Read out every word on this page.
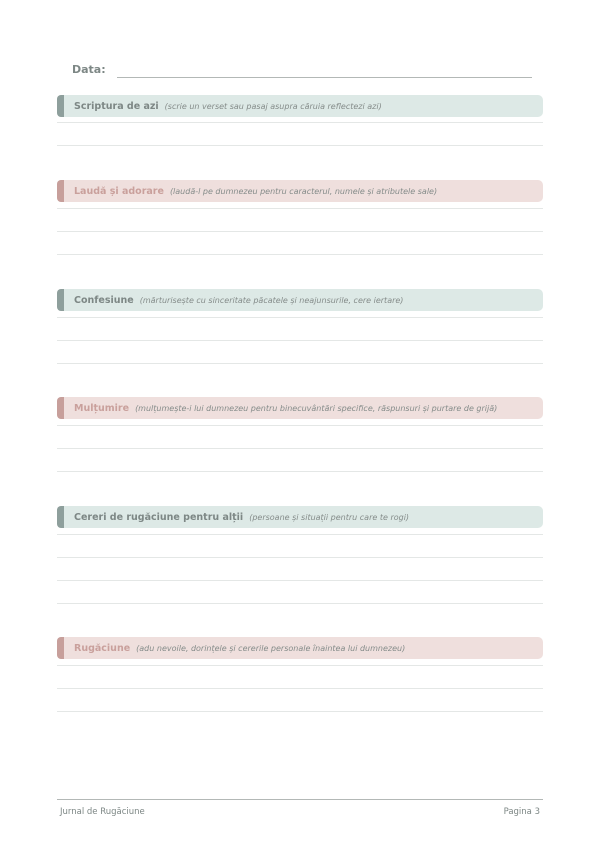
Data:
Scriptura de azi (scrie un verset sau pasaj asupra căruia reflectezi azi)
Laudă și adorare (laudă-l pe dumnezeu pentru caracterul, numele și atributele sale)
Confesiune (mărturisește cu sinceritate păcatele și neajunsurile, cere iertare)
Mulțumire (mulțumește-i lui dumnezeu pentru binecuvântări specifice, răspunsuri și purtare de grijă)
Cereri de rugăciune pentru alții (persoane și situații pentru care te rogi)
Rugăciune (adu nevoile, dorințele și cererile personale înaintea lui dumnezeu)
Jurnal de Rugăciune	Pagina 3
